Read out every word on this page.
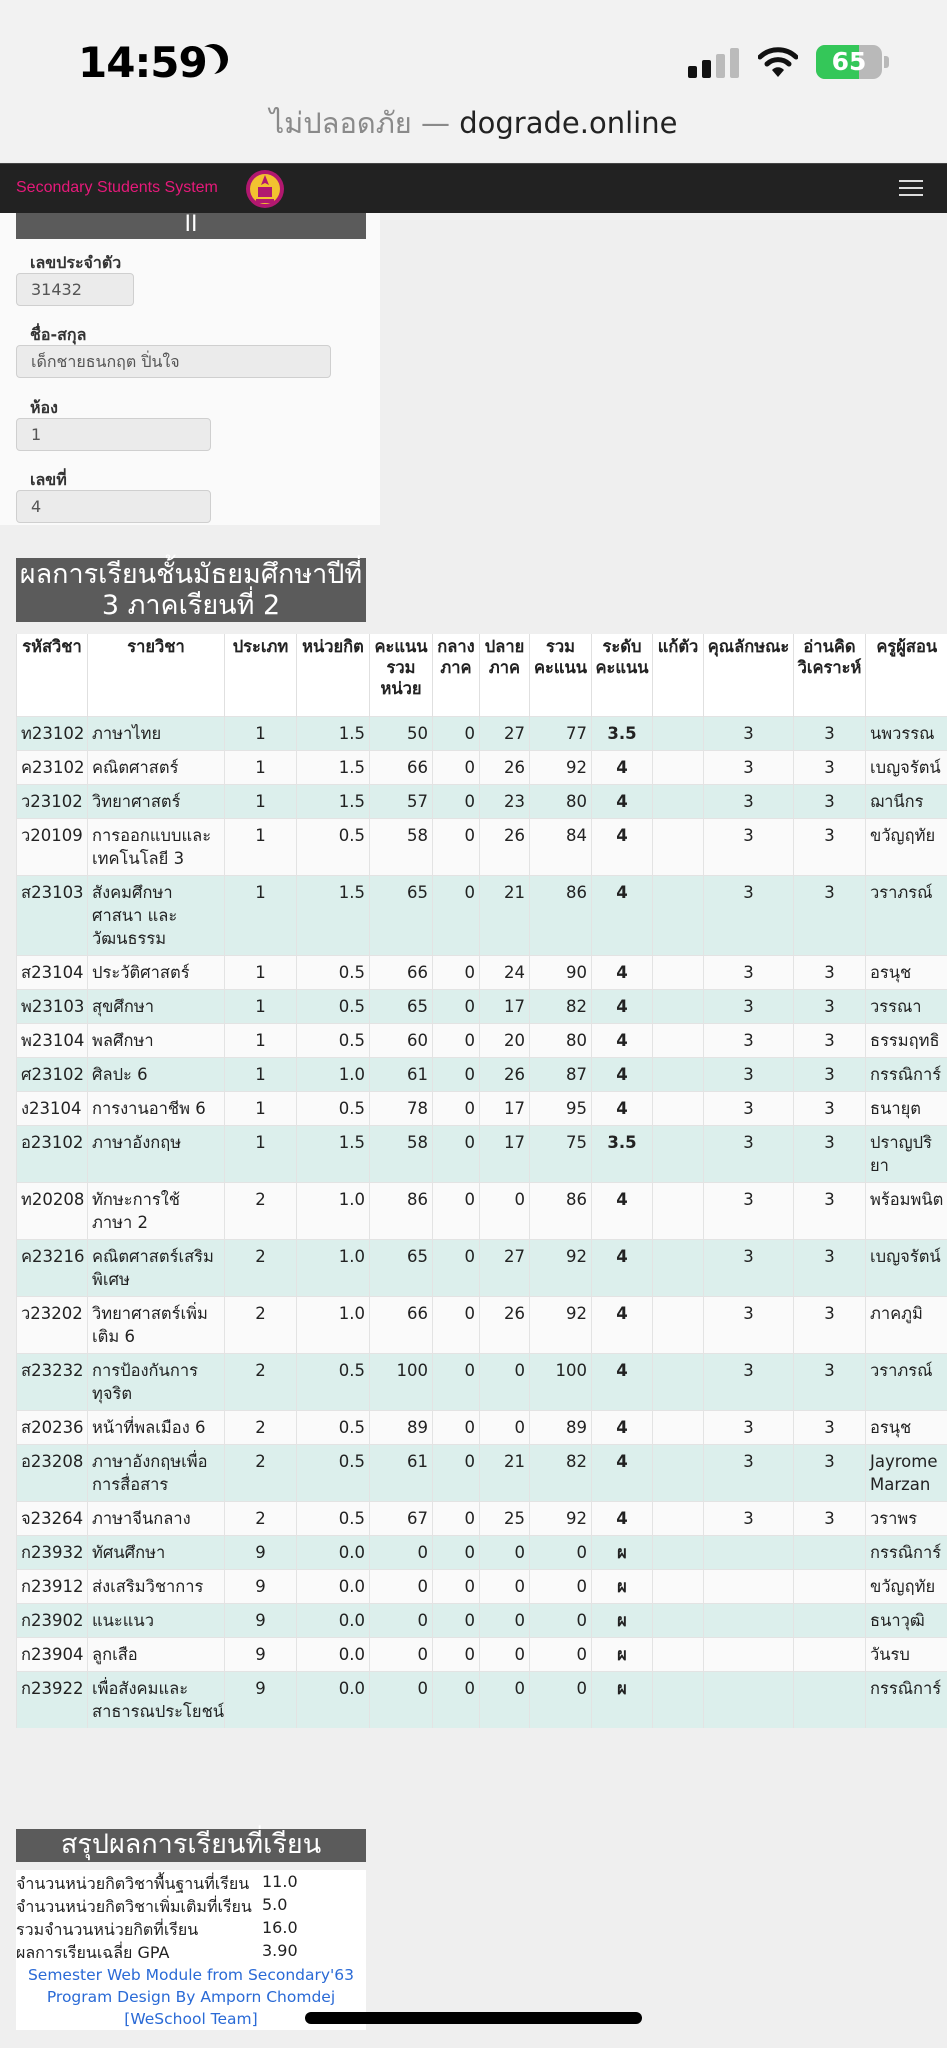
14:59	65
ไม่ปลอดภัย — dograde.online
Secondary Students System
II
เลขประจำตัว
31432
ชื่อ-สกุล
เด็กชายธนกฤต ปิ่นใจ
ห้อง
1
เลขที่
4
ผลการเรียนชั้นมัธยมศึกษาปีที่ 3 ภาคเรียนที่ 2
รหัสวิชา	รายวิชา	ประเภท	หน่วยกิต	คะแนนรวมหน่วย	กลางภาค	ปลายภาค	รวมคะแนน	ระดับคะแนน	แก้ตัว	คุณลักษณะ	อ่านคิดวิเคราะห์	ครูผู้สอน
ท23102	ภาษาไทย	1	1.5	50	0	27	77	3.5		3	3	นพวรรณ
ค23102	คณิตศาสตร์	1	1.5	66	0	26	92	4		3	3	เบญจรัตน์
ว23102	วิทยาศาสตร์	1	1.5	57	0	23	80	4		3	3	ฌานีกร
ว20109	การออกแบบและเทคโนโลยี 3	1	0.5	58	0	26	84	4		3	3	ขวัญฤทัย
ส23103	สังคมศึกษา ศาสนา และวัฒนธรรม	1	1.5	65	0	21	86	4		3	3	วราภรณ์
ส23104	ประวัติศาสตร์	1	0.5	66	0	24	90	4		3	3	อรนุช
พ23103	สุขศึกษา	1	0.5	65	0	17	82	4		3	3	วรรณา
พ23104	พลศึกษา	1	0.5	60	0	20	80	4		3	3	ธรรมฤทธิ
ศ23102	ศิลปะ 6	1	1.0	61	0	26	87	4		3	3	กรรณิการ์
ง23104	การงานอาชีพ 6	1	0.5	78	0	17	95	4		3	3	ธนายุต
อ23102	ภาษาอังกฤษ	1	1.5	58	0	17	75	3.5		3	3	ปราญปริยา
ท20208	ทักษะการใช้ภาษา 2	2	1.0	86	0	0	86	4		3	3	พร้อมพนิต
ค23216	คณิตศาสตร์เสริมพิเศษ	2	1.0	65	0	27	92	4		3	3	เบญจรัตน์
ว23202	วิทยาศาสตร์เพิ่มเติม 6	2	1.0	66	0	26	92	4		3	3	ภาคภูมิ
ส23232	การป้องกันการทุจริต	2	0.5	100	0	0	100	4		3	3	วราภรณ์
ส20236	หน้าที่พลเมือง 6	2	0.5	89	0	0	89	4		3	3	อรนุช
อ23208	ภาษาอังกฤษเพื่อการสื่อสาร	2	0.5	61	0	21	82	4		3	3	Jayrome Marzan
จ23264	ภาษาจีนกลาง	2	0.5	67	0	25	92	4		3	3	วราพร
ก23932	ทัศนศึกษา	9	0.0	0	0	0	0	ผ				กรรณิการ์
ก23912	ส่งเสริมวิชาการ	9	0.0	0	0	0	0	ผ				ขวัญฤทัย
ก23902	แนะแนว	9	0.0	0	0	0	0	ผ				ธนาวุฒิ
ก23904	ลูกเสือ	9	0.0	0	0	0	0	ผ				วันรบ
ก23922	เพื่อสังคมและสาธารณประโยชน์	9	0.0	0	0	0	0	ผ				กรรณิการ์
สรุปผลการเรียนที่เรียน
จำนวนหน่วยกิตวิชาพื้นฐานที่เรียน 11.0
จำนวนหน่วยกิตวิชาเพิ่มเติมที่เรียน 5.0
รวมจำนวนหน่วยกิตที่เรียน	16.0
ผลการเรียนเฉลี่ย GPA	3.90
Semester Web Module from Secondary'63
Program Design By Amporn Chomdej [WeSchool Team]
